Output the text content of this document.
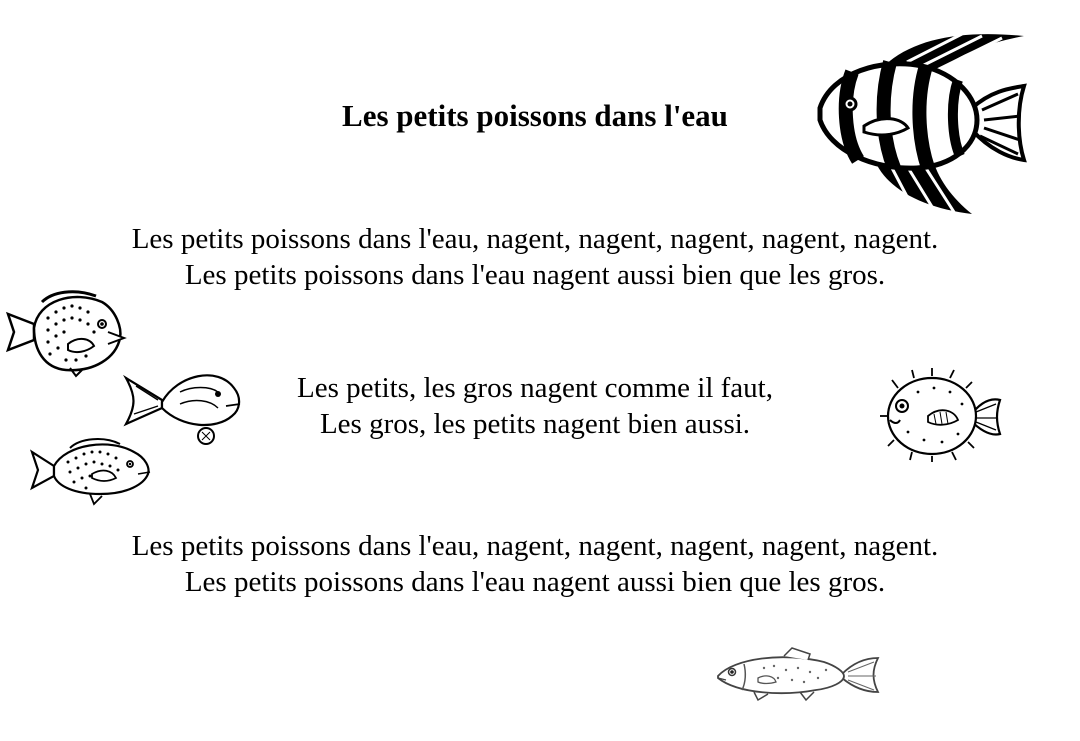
Les petits poissons dans l'eau
Les petits poissons dans l'eau, nagent, nagent, nagent, nagent, nagent.
Les petits poissons dans l'eau nagent aussi bien que les gros.
Les petits, les gros nagent comme il faut,
Les gros, les petits nagent bien aussi.
Les petits poissons dans l'eau, nagent, nagent, nagent, nagent, nagent.
Les petits poissons dans l'eau nagent aussi bien que les gros.
